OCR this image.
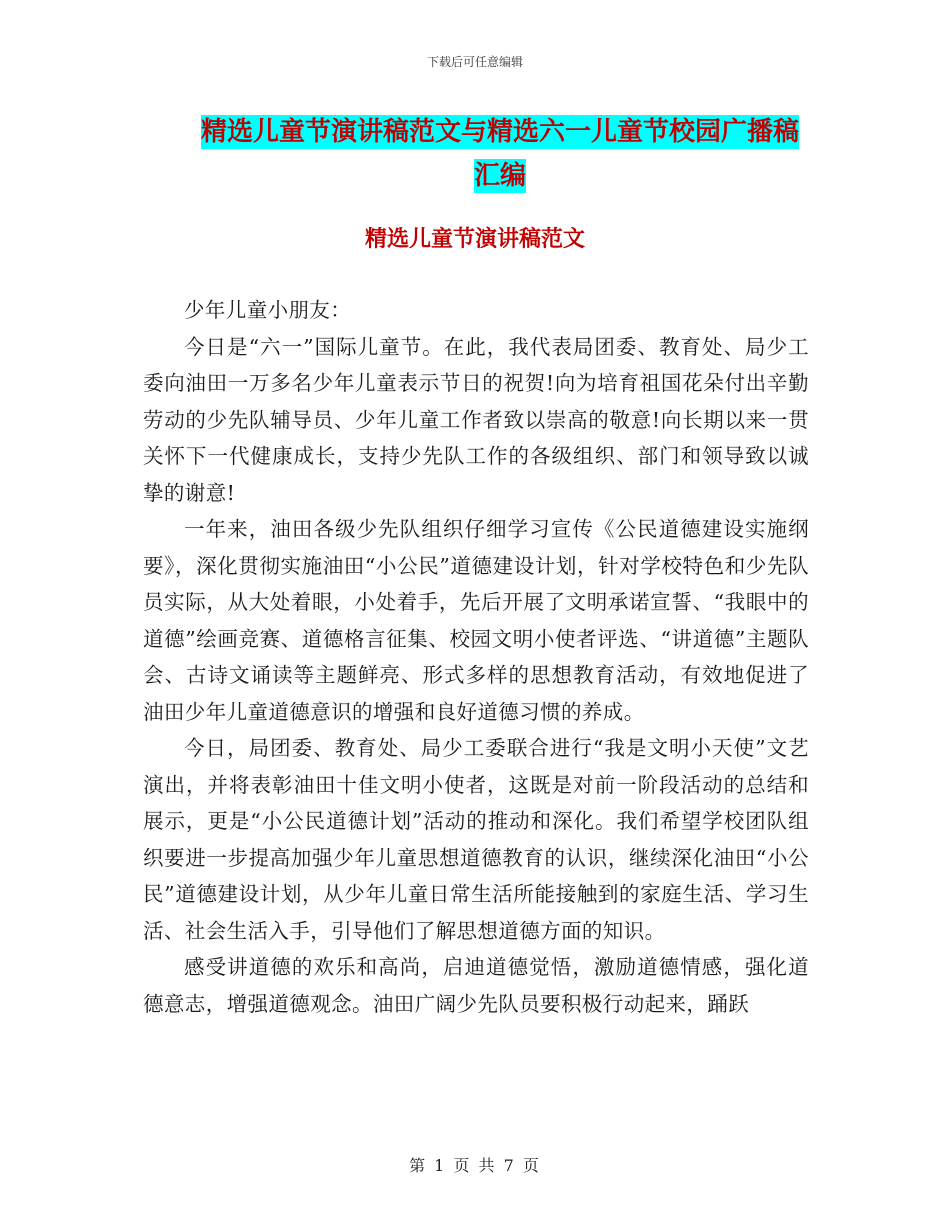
下载后可任意编辑
精选儿童节演讲稿范文与精选六一儿童节校园广播稿汇编
精选儿童节演讲稿范文

少年儿童小朋友：

今日是“六一”国际儿童节。在此，我代表局团委、教育处、局少工委向油田一万多名少年儿童表示节日的祝贺!向为培育祖国花朵付出辛勤劳动的少先队辅导员、少年儿童工作者致以崇高的敬意!向长期以来一贯关怀下一代健康成长，支持少先队工作的各级组织、部门和领导致以诚挚的谢意!

一年来，油田各级少先队组织仔细学习宣传《公民道德建设实施纲要》，深化贯彻实施油田“小公民”道德建设计划，针对学校特色和少先队员实际，从大处着眼，小处着手，先后开展了文明承诺宣誓、“我眼中的道德”绘画竞赛、道德格言征集、校园文明小使者评选、“讲道德”主题队会、古诗文诵读等主题鲜亮、形式多样的思想教育活动，有效地促进了油田少年儿童道德意识的增强和良好道德习惯的养成。

今日，局团委、教育处、局少工委联合进行“我是文明小天使”文艺演出，并将表彰油田十佳文明小使者，这既是对前一阶段活动的总结和展示，更是“小公民道德计划”活动的推动和深化。我们希望学校团队组织要进一步提高加强少年儿童思想道德教育的认识，继续深化油田“小公民”道德建设计划，从少年儿童日常生活所能接触到的家庭生活、学习生活、社会生活入手，引导他们了解思想道德方面的知识。

感受讲道德的欢乐和高尚，启迪道德觉悟，激励道德情感，强化道德意志，增强道德观念。油田广阔少先队员要积极行动起来，踊跃

第 1 页 共 7 页
